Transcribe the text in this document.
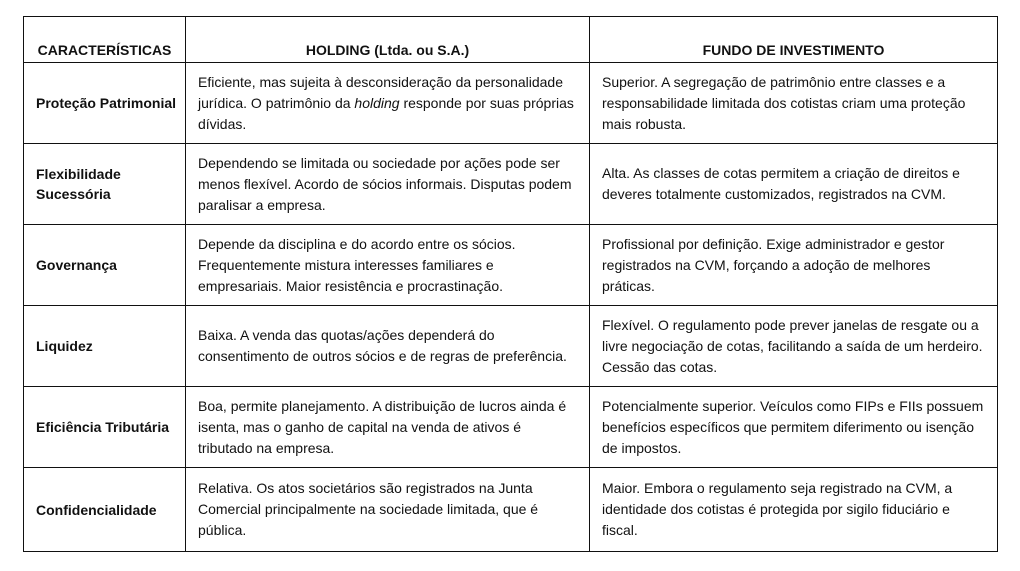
CARACTERÍSTICAS	HOLDING (Ltda. ou S.A.)	FUNDO DE INVESTIMENTO
Proteção Patrimonial	Eficiente, mas sujeita à desconsideração da personalidade jurídica. O patrimônio da holding responde por suas próprias dívidas.	Superior. A segregação de patrimônio entre classes e a responsabilidade limitada dos cotistas criam uma proteção mais robusta.
Flexibilidade Sucessória	Dependendo se limitada ou sociedade por ações pode ser menos flexível. Acordo de sócios informais. Disputas podem paralisar a empresa.	Alta. As classes de cotas permitem a criação de direitos e deveres totalmente customizados, registrados na CVM.
Governança	Depende da disciplina e do acordo entre os sócios. Frequentemente mistura interesses familiares e empresariais. Maior resistência e procrastinação.	Profissional por definição. Exige administrador e gestor registrados na CVM, forçando a adoção de melhores práticas.
Liquidez	Baixa. A venda das quotas/ações dependerá do consentimento de outros sócios e de regras de preferência.	Flexível. O regulamento pode prever janelas de resgate ou a livre negociação de cotas, facilitando a saída de um herdeiro. Cessão das cotas.
Eficiência Tributária	Boa, permite planejamento. A distribuição de lucros ainda é isenta, mas o ganho de capital na venda de ativos é tributado na empresa.	Potencialmente superior. Veículos como FIPs e FIIs possuem benefícios específicos que permitem diferimento ou isenção de impostos.
Confidencialidade	Relativa. Os atos societários são registrados na Junta Comercial principalmente na sociedade limitada, que é pública.	Maior. Embora o regulamento seja registrado na CVM, a identidade dos cotistas é protegida por sigilo fiduciário e fiscal.
